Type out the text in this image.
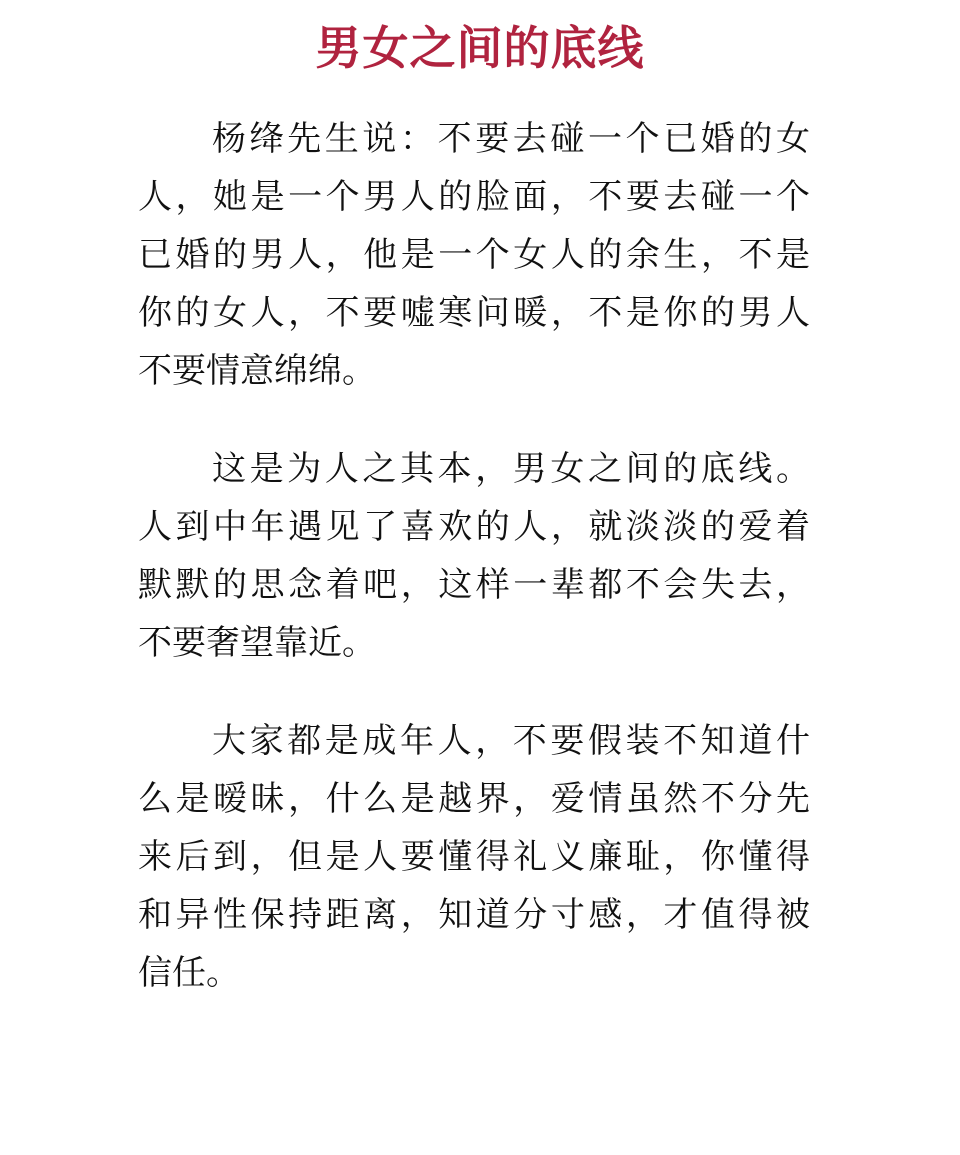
男女之间的底线
杨绛先生说：不要去碰一个已婚的女
人，她是一个男人的脸面，不要去碰一个
已婚的男人，他是一个女人的余生，不是
你的女人，不要嘘寒问暖，不是你的男人
不要情意绵绵。
这是为人之其本，男女之间的底线。
人到中年遇见了喜欢的人，就淡淡的爱着
默默的思念着吧，这样一辈都不会失去，
不要奢望靠近。
大家都是成年人，不要假装不知道什
么是暧昧，什么是越界，爱情虽然不分先
来后到，但是人要懂得礼义廉耻，你懂得
和异性保持距离，知道分寸感，才值得被
信任。
